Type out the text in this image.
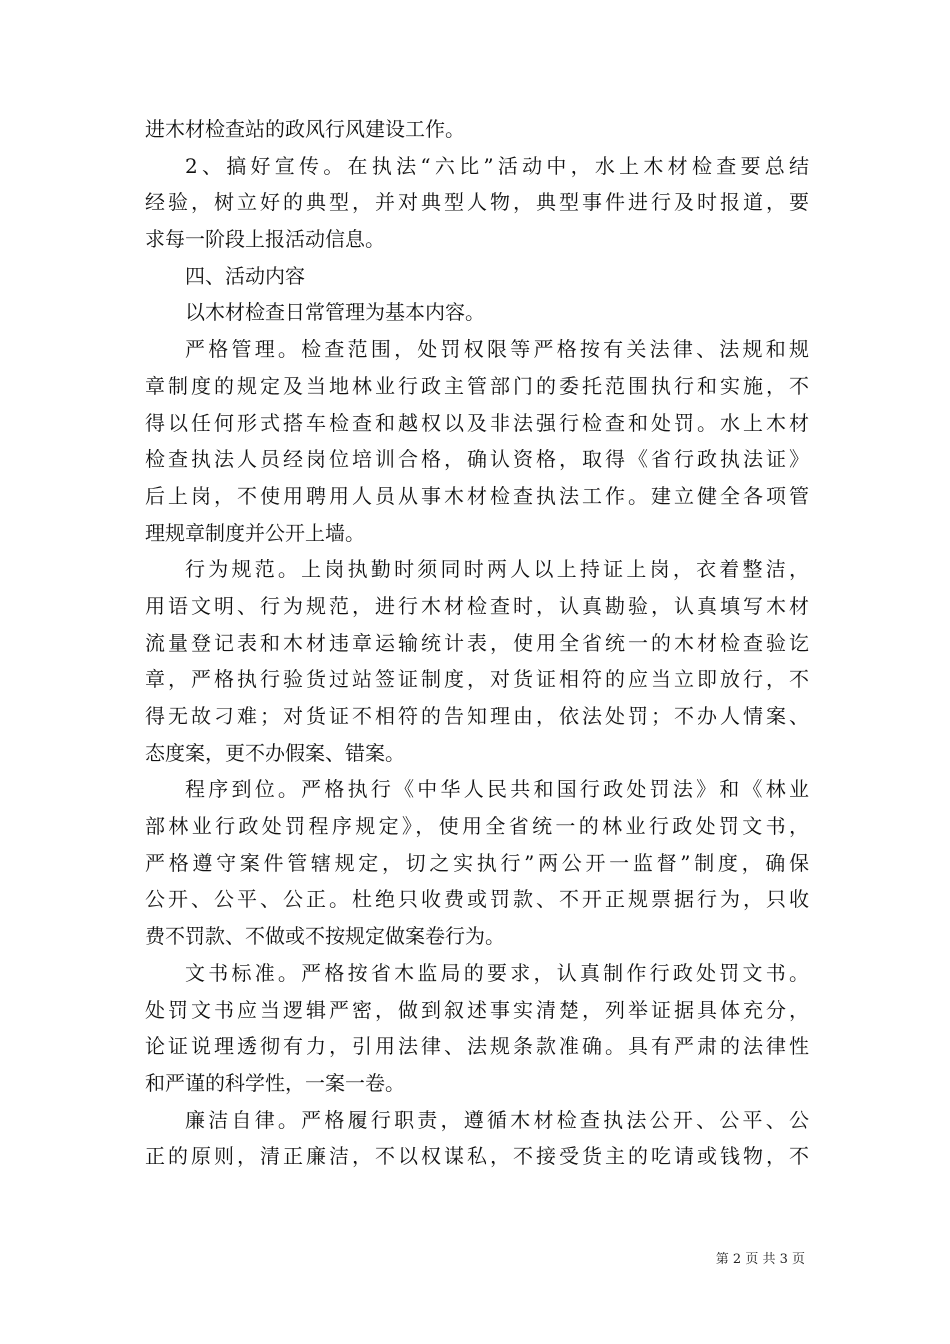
进木材检查站的政风行风建设工作。
2、搞好宣传。在执法“六比”活动中，水上木材检查要总结
经验，树立好的典型，并对典型人物，典型事件进行及时报道，要
求每一阶段上报活动信息。
四、活动内容
以木材检查日常管理为基本内容。
严格管理。检查范围，处罚权限等严格按有关法律、法规和规
章制度的规定及当地林业行政主管部门的委托范围执行和实施，不
得以任何形式搭车检查和越权以及非法强行检查和处罚。水上木材
检查执法人员经岗位培训合格，确认资格，取得《省行政执法证》
后上岗，不使用聘用人员从事木材检查执法工作。建立健全各项管
理规章制度并公开上墙。
行为规范。上岗执勤时须同时两人以上持证上岗，衣着整洁，
用语文明、行为规范，进行木材检查时，认真勘验，认真填写木材
流量登记表和木材违章运输统计表，使用全省统一的木材检查验讫
章，严格执行验货过站签证制度，对货证相符的应当立即放行，不
得无故刁难；对货证不相符的告知理由，依法处罚；不办人情案、
态度案，更不办假案、错案。
程序到位。严格执行《中华人民共和国行政处罚法》和《林业
部林业行政处罚程序规定》，使用全省统一的林业行政处罚文书，
严格遵守案件管辖规定，切之实执行”两公开一监督”制度，确保
公开、公平、公正。杜绝只收费或罚款、不开正规票据行为，只收
费不罚款、不做或不按规定做案卷行为。
文书标准。严格按省木监局的要求，认真制作行政处罚文书。
处罚文书应当逻辑严密，做到叙述事实清楚，列举证据具体充分，
论证说理透彻有力，引用法律、法规条款准确。具有严肃的法律性
和严谨的科学性，一案一卷。
廉洁自律。严格履行职责，遵循木材检查执法公开、公平、公
正的原则，清正廉洁，不以权谋私，不接受货主的吃请或钱物，不
第 2 页 共 3 页
